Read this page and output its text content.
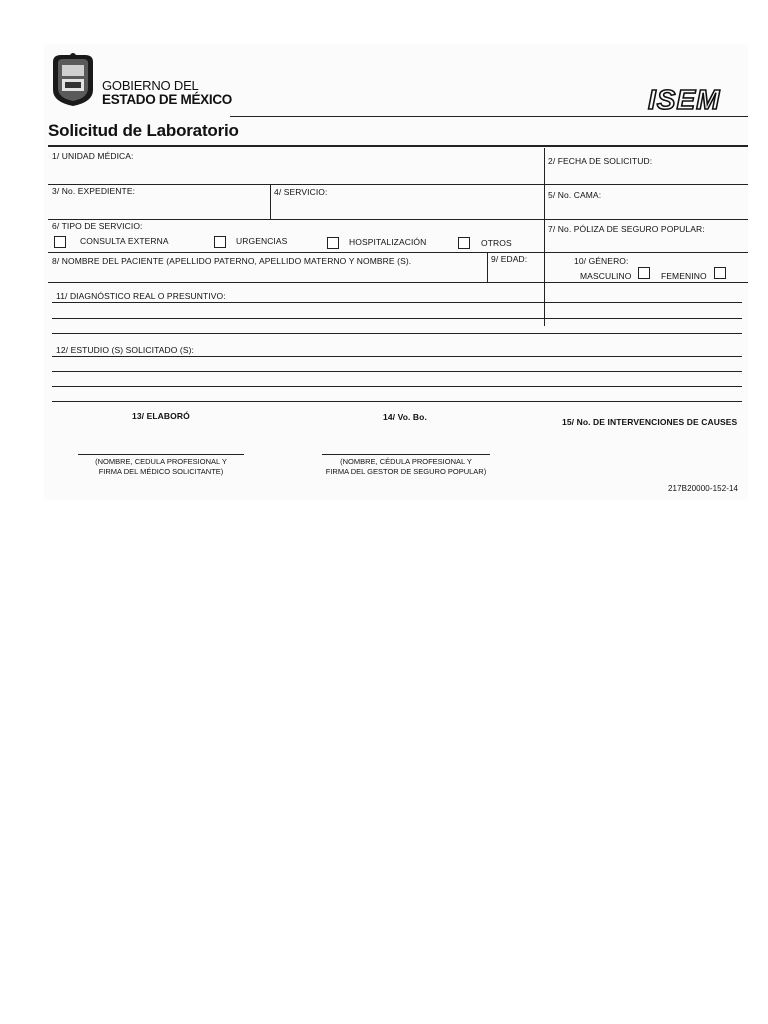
GOBIERNO DEL
ESTADO DE MÉXICO	ISEM
Solicitud de Laboratorio
1/ UNIDAD MÉDICA:	2/ FECHA DE SOLICITUD:
3/ No. EXPEDIENTE:	4/ SERVICIO:	5/ No. CAMA:
6/ TIPO DE SERVICIO:	7/ No. PÓLIZA DE SEGURO POPULAR:
CONSULTA EXTERNA	URGENCIAS	HOSPITALIZACIÓN	OTROS
8/ NOMBRE DEL PACIENTE (APELLIDO PATERNO, APELLIDO MATERNO Y NOMBRE (S).	9/ EDAD:	10/ GÉNERO:
MASCULINO	FEMENINO
11/ DIAGNÓSTICO REAL O PRESUNTIVO:
12/ ESTUDIO (S) SOLICITADO (S):
13/ ELABORÓ	14/ Vo. Bo.	15/ No. DE INTERVENCIONES DE CAUSES
(NOMBRE, CEDULA PROFESIONAL Y
FIRMA DEL MÉDICO SOLICITANTE)
(NOMBRE, CÉDULA PROFESIONAL Y
FIRMA DEL GESTOR DE SEGURO POPULAR)
217B20000-152-14
